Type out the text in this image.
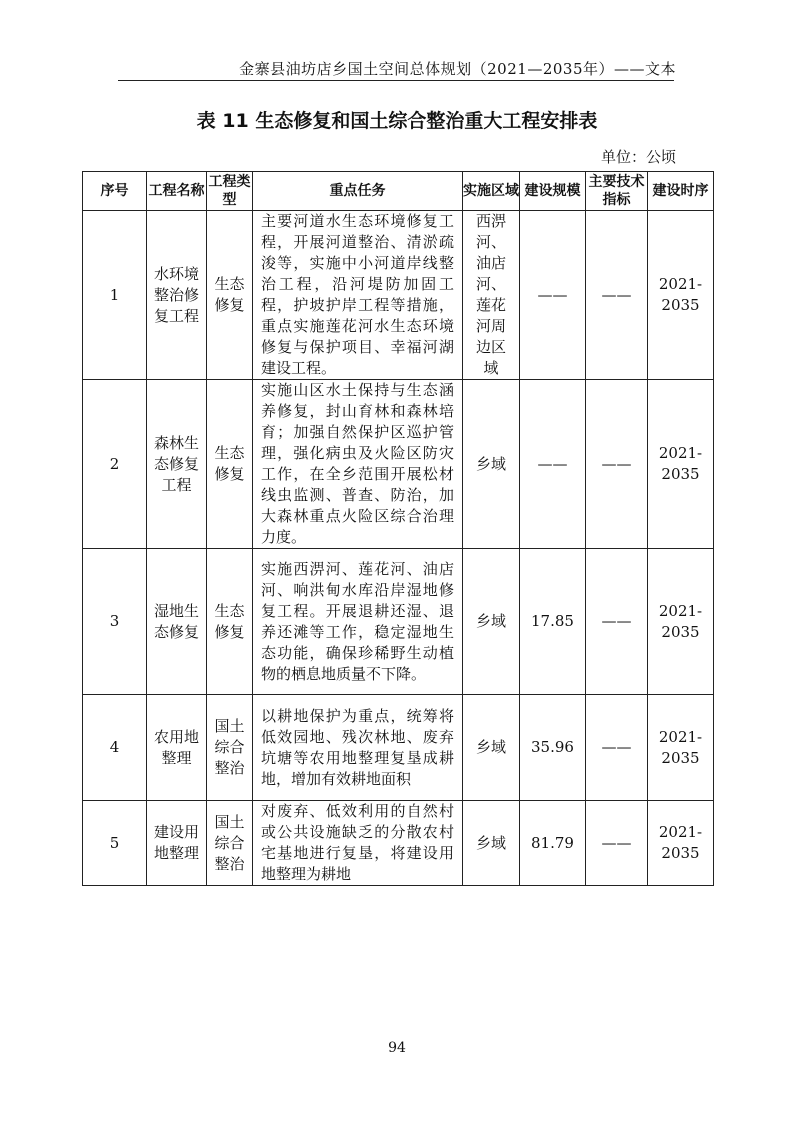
金寨县油坊店乡国土空间总体规划（2021—2035年）——文本
表 11 生态修复和国土综合整治重大工程安排表
单位：公顷
序号	工程名称	工程类型	重点任务	实施区域	建设规模	主要技术指标	建设时序
1	水环境整治修复工程	生态修复	主要河道水生态环境修复工程，开展河道整治、清淤疏浚等，实施中小河道岸线整治工程，沿河堤防加固工程，护坡护岸工程等措施，重点实施莲花河水生态环境修复与保护项目、幸福河湖建设工程。	西淠河、油店河、莲花河周边区域	——	——	2021-2035
2	森林生态修复工程	生态修复	实施山区水土保持与生态涵养修复，封山育林和森林培育；加强自然保护区巡护管理，强化病虫及火险区防灾工作，在全乡范围开展松材线虫监测、普查、防治，加大森林重点火险区综合治理力度。	乡域	——	——	2021-2035
3	湿地生态修复	生态修复	实施西淠河、莲花河、油店河、响洪甸水库沿岸湿地修复工程。开展退耕还湿、退养还滩等工作，稳定湿地生态功能，确保珍稀野生动植物的栖息地质量不下降。	乡域	17.85	——	2021-2035
4	农用地整理	国土综合整治	以耕地保护为重点，统筹将低效园地、残次林地、废弃坑塘等农用地整理复垦成耕地，增加有效耕地面积	乡域	35.96	——	2021-2035
5	建设用地整理	国土综合整治	对废弃、低效利用的自然村或公共设施缺乏的分散农村宅基地进行复垦，将建设用地整理为耕地	乡域	81.79	——	2021-2035
94
